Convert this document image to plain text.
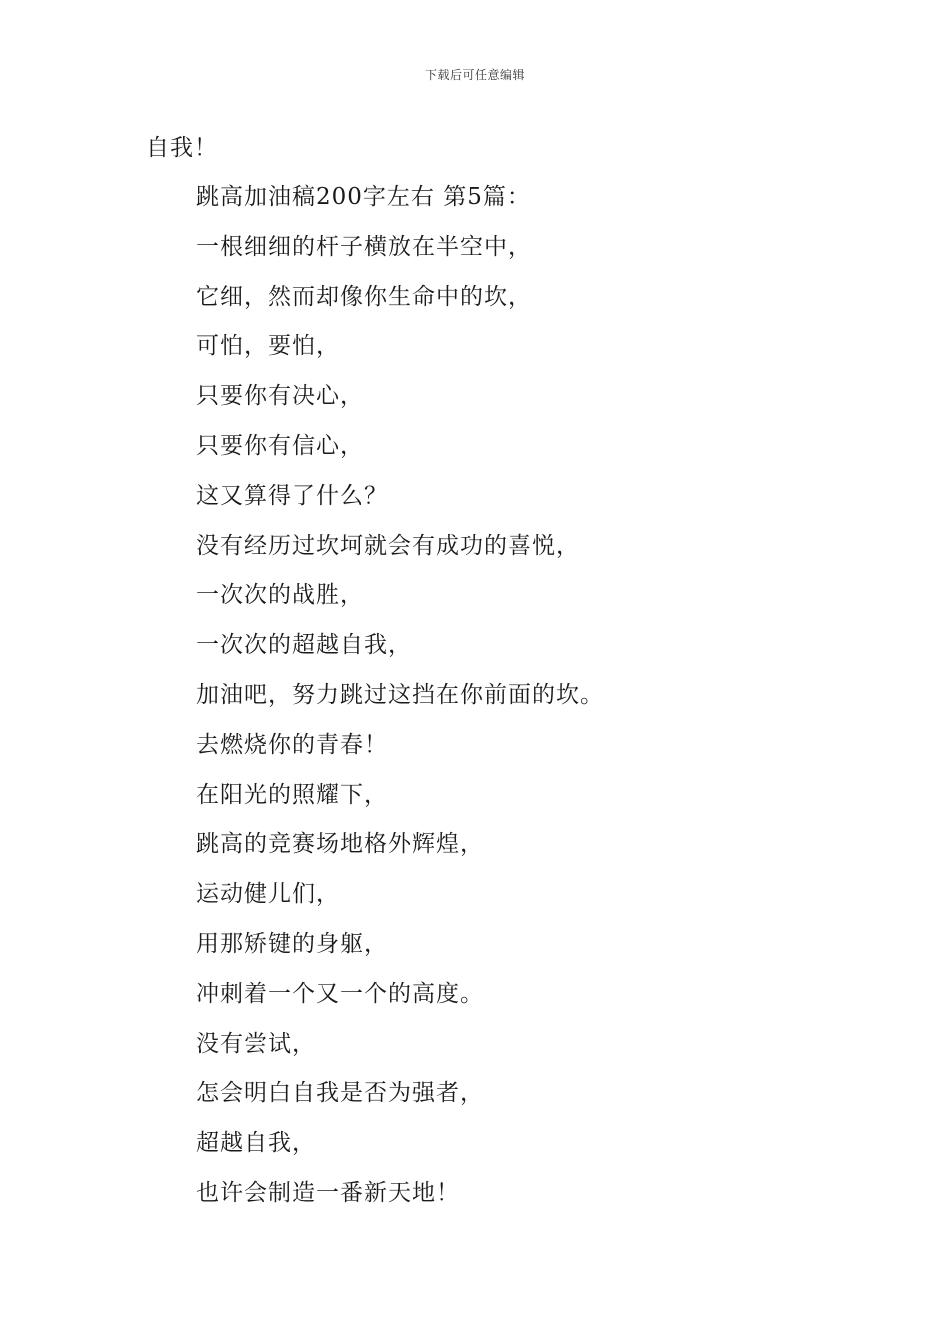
下载后可任意编辑
自我！
跳高加油稿200字左右 第5篇：
一根细细的杆子横放在半空中，
它细，然而却像你生命中的坎，
可怕，要怕，
只要你有决心，
只要你有信心，
这又算得了什么？
没有经历过坎坷就会有成功的喜悦，
一次次的战胜，
一次次的超越自我，
加油吧，努力跳过这挡在你前面的坎。
去燃烧你的青春！
在阳光的照耀下，
跳高的竞赛场地格外辉煌，
运动健儿们，
用那矫键的身躯，
冲刺着一个又一个的高度。
没有尝试，
怎会明白自我是否为强者，
超越自我，
也许会制造一番新天地！
